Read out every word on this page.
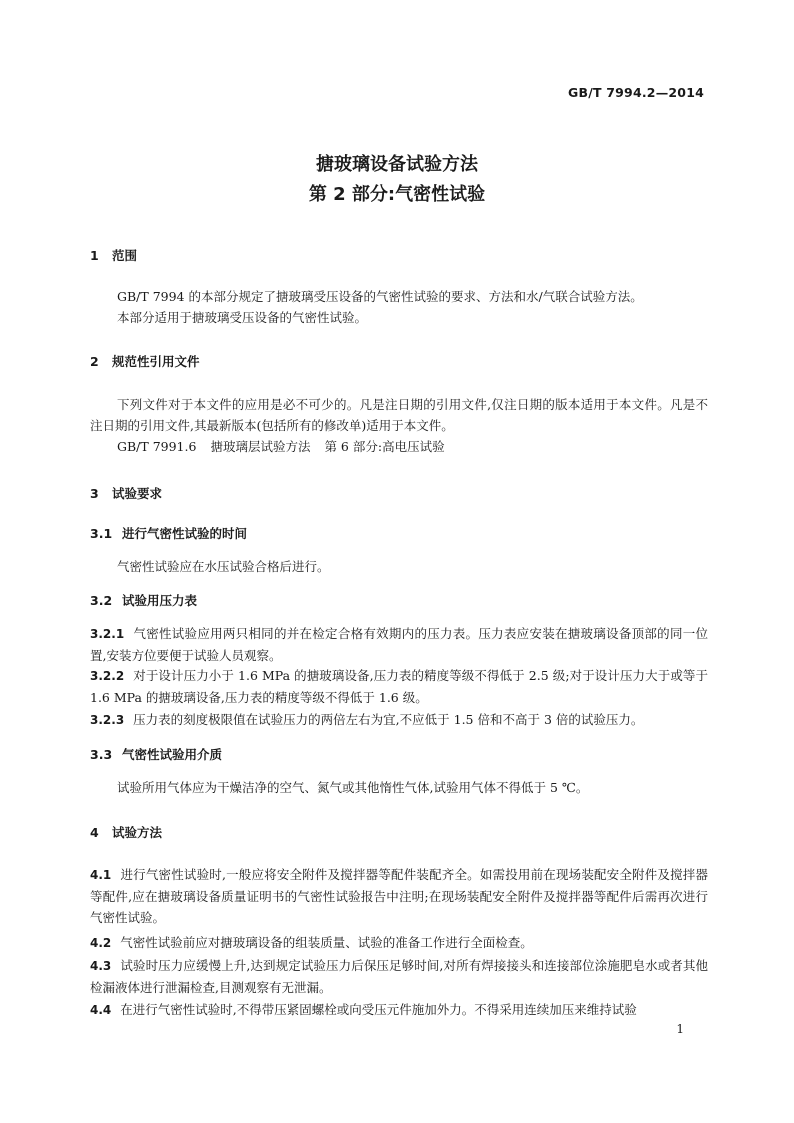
GB/T 7994.2—2014
搪玻璃设备试验方法
第 2 部分:气密性试验
1 范围
GB/T 7994 的本部分规定了搪玻璃受压设备的气密性试验的要求、方法和水/气联合试验方法。
本部分适用于搪玻璃受压设备的气密性试验。
2 规范性引用文件
下列文件对于本文件的应用是必不可少的。凡是注日期的引用文件,仅注日期的版本适用于本文件。凡是不注日期的引用文件,其最新版本(包括所有的修改单)适用于本文件。
GB/T 7991.6 搪玻璃层试验方法 第 6 部分:高电压试验
3 试验要求
3.1 进行气密性试验的时间
气密性试验应在水压试验合格后进行。
3.2 试验用压力表
3.2.1 气密性试验应用两只相同的并在检定合格有效期内的压力表。压力表应安装在搪玻璃设备顶部的同一位置,安装方位要便于试验人员观察。
3.2.2 对于设计压力小于 1.6 MPa 的搪玻璃设备,压力表的精度等级不得低于 2.5 级;对于设计压力大于或等于 1.6 MPa 的搪玻璃设备,压力表的精度等级不得低于 1.6 级。
3.2.3 压力表的刻度极限值在试验压力的两倍左右为宜,不应低于 1.5 倍和不高于 3 倍的试验压力。
3.3 气密性试验用介质
试验所用气体应为干燥洁净的空气、氮气或其他惰性气体,试验用气体不得低于 5 ℃。
4 试验方法
4.1 进行气密性试验时,一般应将安全附件及搅拌器等配件装配齐全。如需投用前在现场装配安全附件及搅拌器等配件,应在搪玻璃设备质量证明书的气密性试验报告中注明;在现场装配安全附件及搅拌器等配件后需再次进行气密性试验。
4.2 气密性试验前应对搪玻璃设备的组装质量、试验的准备工作进行全面检查。
4.3 试验时压力应缓慢上升,达到规定试验压力后保压足够时间,对所有焊接接头和连接部位涂施肥皂水或者其他检漏液体进行泄漏检查,目测观察有无泄漏。
4.4 在进行气密性试验时,不得带压紧固螺栓或向受压元件施加外力。不得采用连续加压来维持试验
1
